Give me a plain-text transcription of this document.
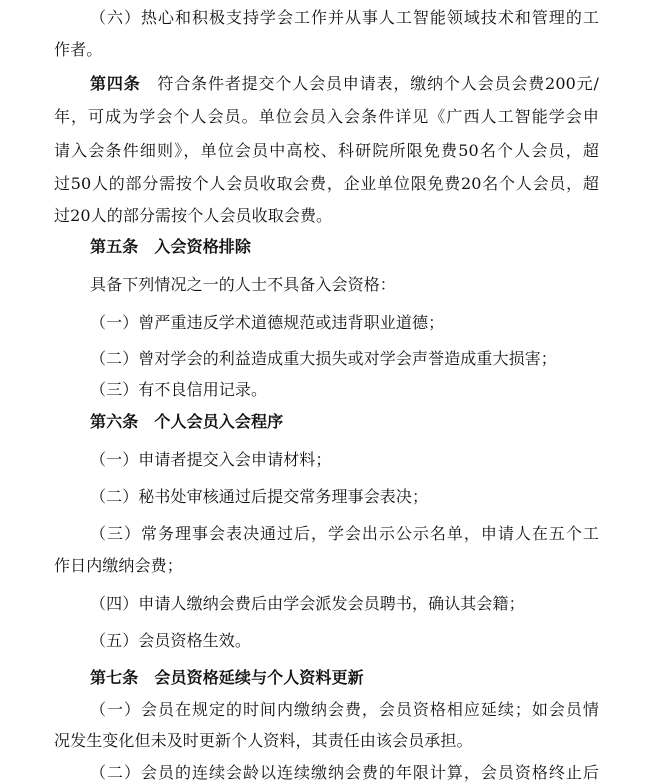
（六）热心和积极支持学会工作并从事人工智能领域技术和管理的工
作者。
第四条　符合条件者提交个人会员申请表，缴纳个人会员会费200元/
年，可成为学会个人会员。单位会员入会条件详见《广西人工智能学会申
请入会条件细则》，单位会员中高校、科研院所限免费50名个人会员，超
过50人的部分需按个人会员收取会费，企业单位限免费20名个人会员，超
过20人的部分需按个人会员收取会费。
第五条　入会资格排除
具备下列情况之一的人士不具备入会资格：
（一）曾严重违反学术道德规范或违背职业道德；
（二）曾对学会的利益造成重大损失或对学会声誉造成重大损害；
（三）有不良信用记录。
第六条　个人会员入会程序
（一）申请者提交入会申请材料；
（二）秘书处审核通过后提交常务理事会表决；
（三）常务理事会表决通过后，学会出示公示名单，申请人在五个工
作日内缴纳会费；
（四）申请人缴纳会费后由学会派发会员聘书，确认其会籍；
（五）会员资格生效。
第七条　会员资格延续与个人资料更新
（一）会员在规定的时间内缴纳会费，会员资格相应延续；如会员情
况发生变化但未及时更新个人资料，其责任由该会员承担。
（二）会员的连续会龄以连续缴纳会费的年限计算，会员资格终止后
